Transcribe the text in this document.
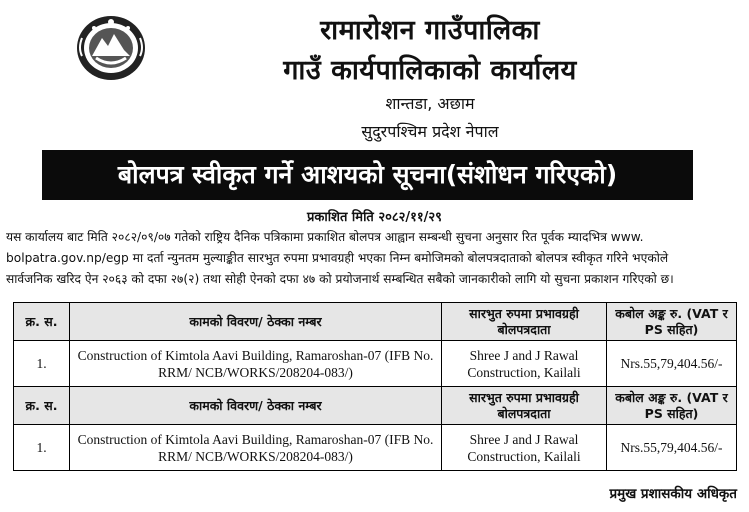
रामारोशन गाउँपालिका
गाउँ कार्यपालिकाको कार्यालय
शान्तडा, अछाम
सुदुरपश्चिम प्रदेश नेपाल
बोलपत्र स्वीकृत गर्ने आशयको सूचना(संशोधन गरिएको)
प्रकाशित मिति २०८२/११/२९
यस कार्यालय बाट मिति २०८२/०९/०७ गतेको राष्ट्रिय दैनिक पत्रिकामा प्रकाशित बोलपत्र आह्वान सम्बन्धी सुचना अनुसार रित पूर्वक म्यादभित्र www.
bolpatra.gov.np/egp मा दर्ता न्युनतम मुल्याङ्कीत सारभुत रुपमा प्रभावग्रही भएका निम्न बमोजिमको बोलपत्रदाताको बोलपत्र स्वीकृत गरिने भएकोले
सार्वजनिक खरिद ऐन २०६३ को दफा २७(२) तथा सोही ऐनको दफा ४७ को प्रयोजनार्थ सम्बन्धित सबैको जानकारीको लागि यो सुचना प्रकाशन गरिएको छ।
क्र. स.	कामको विवरण/ ठेक्का नम्बर	सारभुत रुपमा प्रभावग्रही बोलपत्रदाता	कबोल अङ्क रु. (VAT र PS सहित)
1.	Construction of Kimtola Aavi Building, Ramaroshan-07 (IFB No. RRM/ NCB/WORKS/208204-083/)	Shree J and J Rawal Construction, Kailali	Nrs.55,79,404.56/-
क्र. स.	कामको विवरण/ ठेक्का नम्बर	सारभुत रुपमा प्रभावग्रही बोलपत्रदाता	कबोल अङ्क रु. (VAT र PS सहित)
1.	Construction of Kimtola Aavi Building, Ramaroshan-07 (IFB No. RRM/ NCB/WORKS/208204-083/)	Shree J and J Rawal Construction, Kailali	Nrs.55,79,404.56/-
प्रमुख प्रशासकीय अधिकृत
